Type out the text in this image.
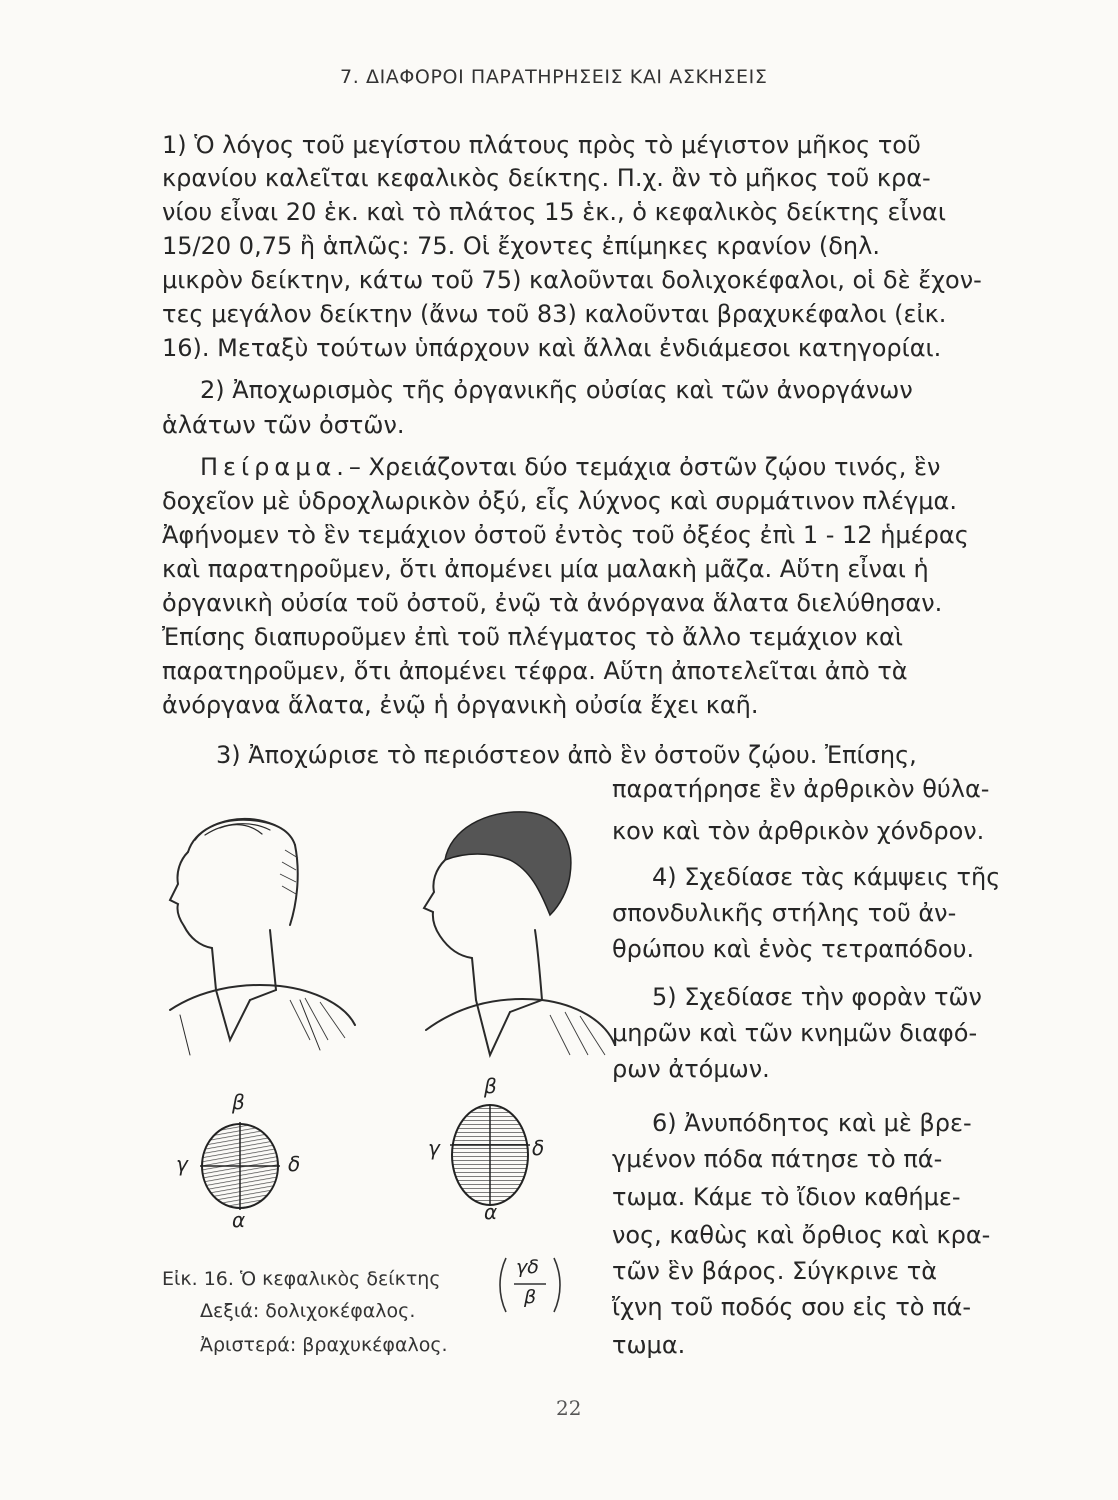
7. ΔΙΑΦΟΡΟΙ ΠΑΡΑΤΗΡΗΣΕΙΣ ΚΑΙ ΑΣΚΗΣΕΙΣ
1) Ὁ λόγος τοῦ μεγίστου πλάτους πρὸς τὸ μέγιστον μῆκος τοῦ
κρανίου καλεῖται κεφαλικὸς δείκτης. Π.χ. ἂν τὸ μῆκος τοῦ κρα-
νίου εἶναι 20 ἑκ. καὶ τὸ πλάτος 15 ἑκ., ὁ κεφαλικὸς δείκτης εἶναι
15/20 0,75 ἢ ἁπλῶς: 75. Οἱ ἔχοντες ἐπίμηκες κρανίον (δηλ.
μικρὸν δείκτην, κάτω τοῦ 75) καλοῦνται δολιχοκέφαλοι, οἱ δὲ ἔχον-
τες μεγάλον δείκτην (ἄνω τοῦ 83) καλοῦνται βραχυκέφαλοι (εἰκ.
16). Μεταξὺ τούτων ὑπάρχουν καὶ ἄλλαι ἐνδιάμεσοι κατηγορίαι.
2) Ἀποχωρισμὸς τῆς ὀργανικῆς οὐσίας καὶ τῶν ἀνοργάνων
ἁλάτων τῶν ὀστῶν.
Πείραμα.– Χρειάζονται δύο τεμάχια ὀστῶν ζῴου τινός, ἓν
δοχεῖον μὲ ὑδροχλωρικὸν ὀξύ, εἷς λύχνος καὶ συρμάτινον πλέγμα.
Ἀφήνομεν τὸ ἓν τεμάχιον ὀστοῦ ἐντὸς τοῦ ὀξέος ἐπὶ 1 - 12 ἡμέρας
καὶ παρατηροῦμεν, ὅτι ἀπομένει μία μαλακὴ μᾶζα. Αὕτη εἶναι ἡ
ὀργανικὴ οὐσία τοῦ ὀστοῦ, ἐνῷ τὰ ἀνόργανα ἅλατα διελύθησαν.
Ἐπίσης διαπυροῦμεν ἐπὶ τοῦ πλέγματος τὸ ἄλλο τεμάχιον καὶ
παρατηροῦμεν, ὅτι ἀπομένει τέφρα. Αὕτη ἀποτελεῖται ἀπὸ τὰ
ἀνόργανα ἅλατα, ἐνῷ ἡ ὀργανικὴ οὐσία ἔχει καῆ.
3) Ἀποχώρισε τὸ περιόστεον ἀπὸ ἓν ὀστοῦν ζῴου. Ἐπίσης,
παρατήρησε ἓν ἀρθρικὸν θύλα-
κον καὶ τὸν ἀρθρικὸν χόνδρον.
4) Σχεδίασε τὰς κάμψεις τῆς
σπονδυλικῆς στήλης τοῦ ἀν-
θρώπου καὶ ἑνὸς τετραπόδου.
5) Σχεδίασε τὴν φορὰν τῶν
μηρῶν καὶ τῶν κνημῶν διαφό-
ρων ἀτόμων.
6) Ἀνυπόδητος καὶ μὲ βρε-
γμένον πόδα πάτησε τὸ πά-
τωμα. Κάμε τὸ ἴδιον καθήμε-
νος, καθὼς καὶ ὄρθιος καὶ κρα-
τῶν ἓν βάρος. Σύγκρινε τὰ
ἴχνη τοῦ ποδός σου εἰς τὸ πά-
τωμα.
β
γ	δ
α
β
γ	δ
α
Εἰκ. 16. Ὁ κεφαλικὸς δείκτης
γδ
β
Δεξιά: δολιχοκέφαλος.
Ἀριστερά: βραχυκέφαλος.
22
